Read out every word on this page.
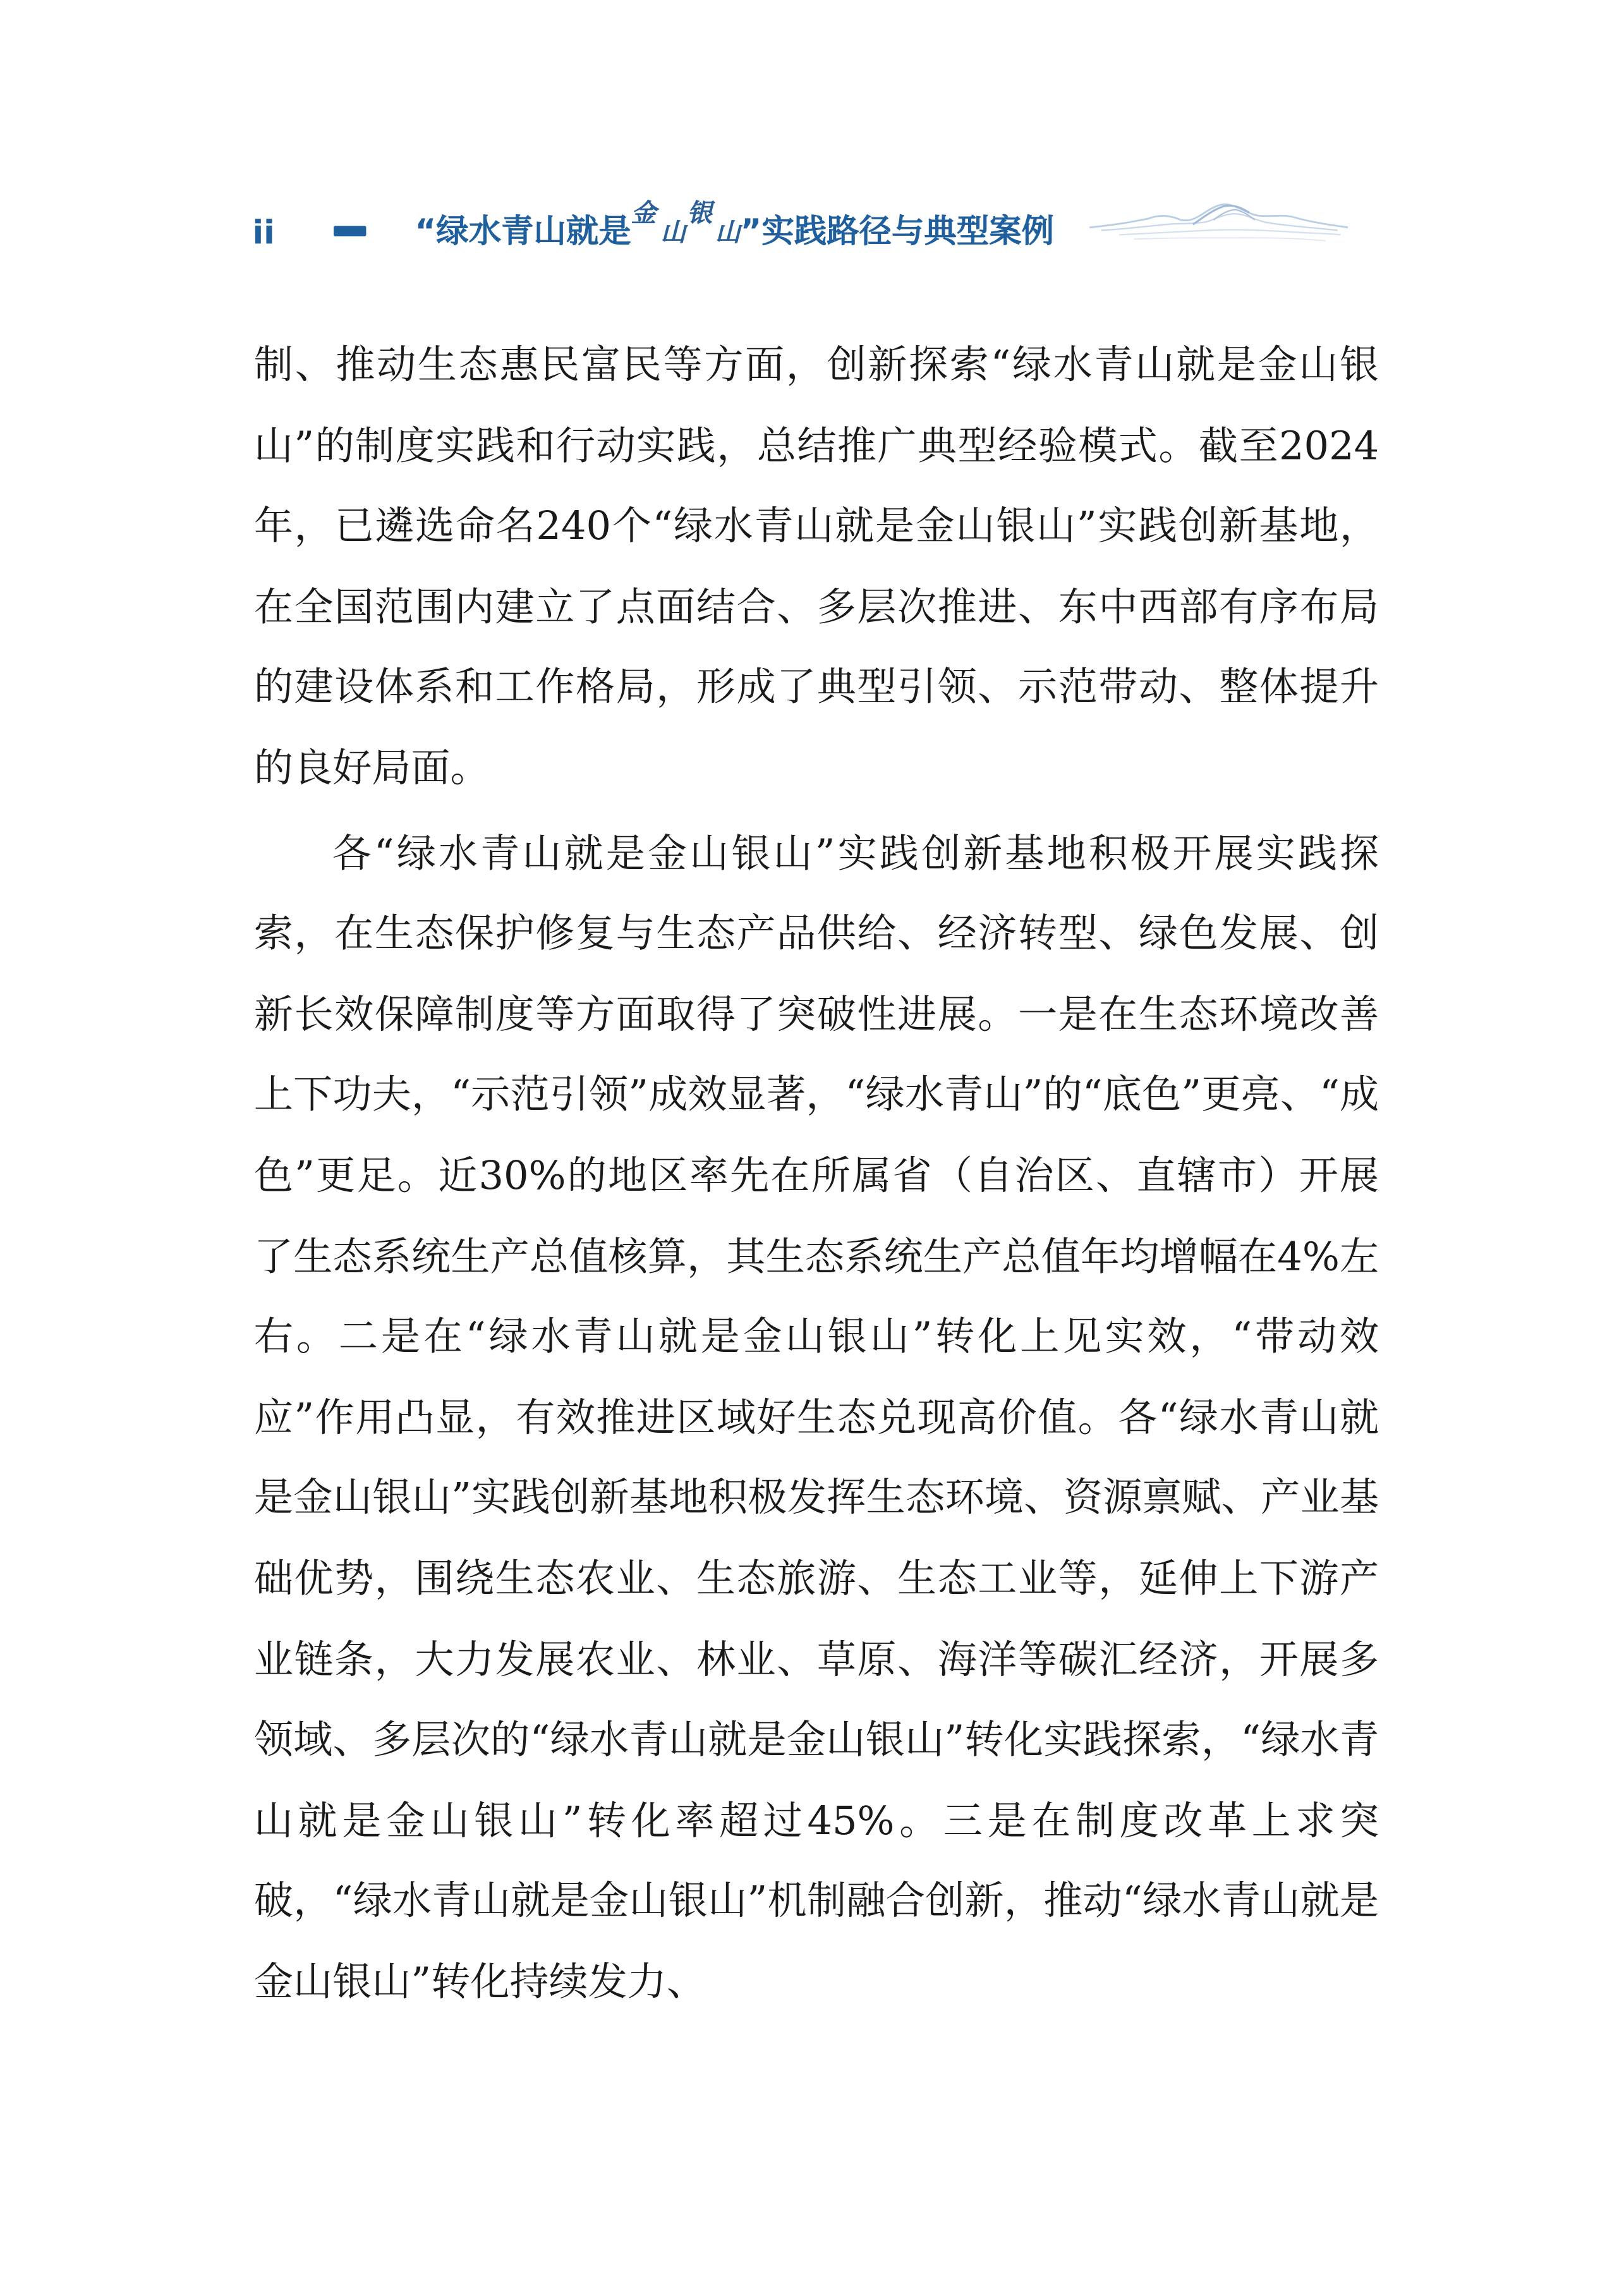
ii	“绿水青山就是金山银山”实践路径与典型案例

制、推动生态惠民富民等方面，创新探索“绿水青山就是金山银山”的制度实践和行动实践，总结推广典型经验模式。截至2024年，已遴选命名240个“绿水青山就是金山银山”实践创新基地，在全国范围内建立了点面结合、多层次推进、东中西部有序布局的建设体系和工作格局，形成了典型引领、示范带动、整体提升的良好局面。

各“绿水青山就是金山银山”实践创新基地积极开展实践探索，在生态保护修复与生态产品供给、经济转型、绿色发展、创新长效保障制度等方面取得了突破性进展。一是在生态环境改善上下功夫，“示范引领”成效显著，“绿水青山”的“底色”更亮、“成色”更足。近30%的地区率先在所属省（自治区、直辖市）开展了生态系统生产总值核算，其生态系统生产总值年均增幅在4%左右。二是在“绿水青山就是金山银山”转化上见实效，“带动效应”作用凸显，有效推进区域好生态兑现高价值。各“绿水青山就是金山银山”实践创新基地积极发挥生态环境、资源禀赋、产业基础优势，围绕生态农业、生态旅游、生态工业等，延伸上下游产业链条，大力发展农业、林业、草原、海洋等碳汇经济，开展多领域、多层次的“绿水青山就是金山银山”转化实践探索，“绿水青山就是金山银山”转化率超过45%。三是在制度改革上求突破，“绿水青山就是金山银山”机制融合创新，推动“绿水青山就是金山银山”转化持续发力、
